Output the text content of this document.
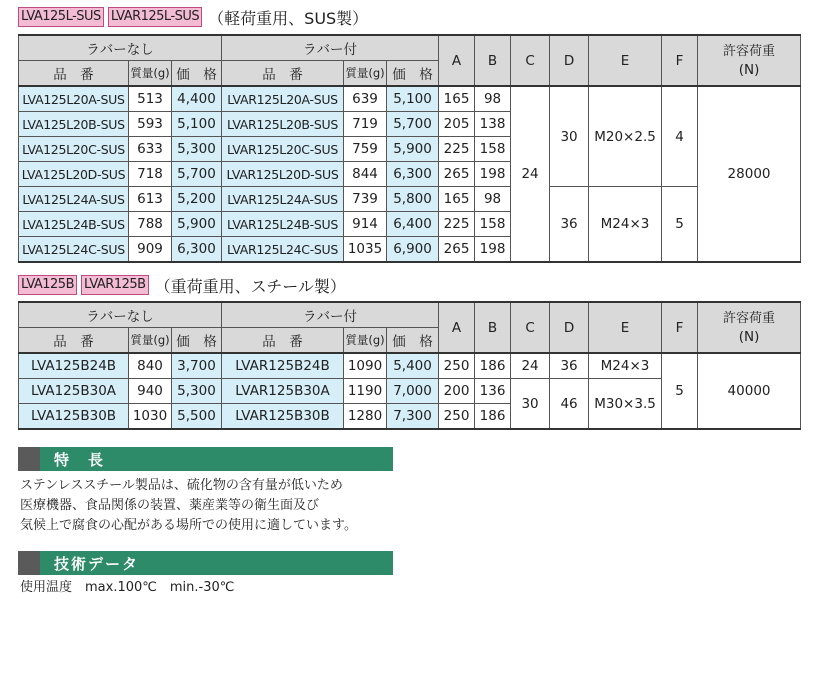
LVA125L-SUS LVAR125L-SUS （軽荷重用、SUS製）
ラバーなし			ラバー付			A	B	C	D	E	F	許容荷重
(N)

品　番	質量(g)	価　格	品　番	質量(g)	価　格							
LVA125L20A-SUS	513	4,400	LVAR125L20A-SUS	639	5,100	165	98	24	30	M20×2.5	4	28000
LVA125L20B-SUS	593	5,100	LVAR125L20B-SUS	719	5,700	205	138					
LVA125L20C-SUS	633	5,300	LVAR125L20C-SUS	759	5,900	225	158					
LVA125L20D-SUS	718	5,700	LVAR125L20D-SUS	844	6,300	265	198					
LVA125L24A-SUS	613	5,200	LVAR125L24A-SUS	739	5,800	165	98		36	M24×3	5	
LVA125L24B-SUS	788	5,900	LVAR125L24B-SUS	914	6,400	225	158					
LVA125L24C-SUS	909	6,300	LVAR125L24C-SUS	1035	6,900	265	198					
LVA125B LVAR125B （重荷重用、スチール製）
ラバーなし			ラバー付			A	B	C	D	E	F	許容荷重
(N)

品　番	質量(g)	価　格	品　番	質量(g)	価　格							
LVA125B24B	840	3,700	LVAR125B24B	1090	5,400	250	186	24	36	M24×3	5	40000
LVA125B30A	940	5,300	LVAR125B30A	1190	7,000	200	136	30	46	M30×3.5		
LVA125B30B	1030	5,500	LVAR125B30B	1280	7,300	250	186					
特　長
ステンレススチール製品は、硫化物の含有量が低いため
医療機器、食品関係の装置、薬産業等の衛生面及び
気候上で腐食の心配がある場所での使用に適しています。
技術データ
使用温度　max.100℃　min.-30℃
